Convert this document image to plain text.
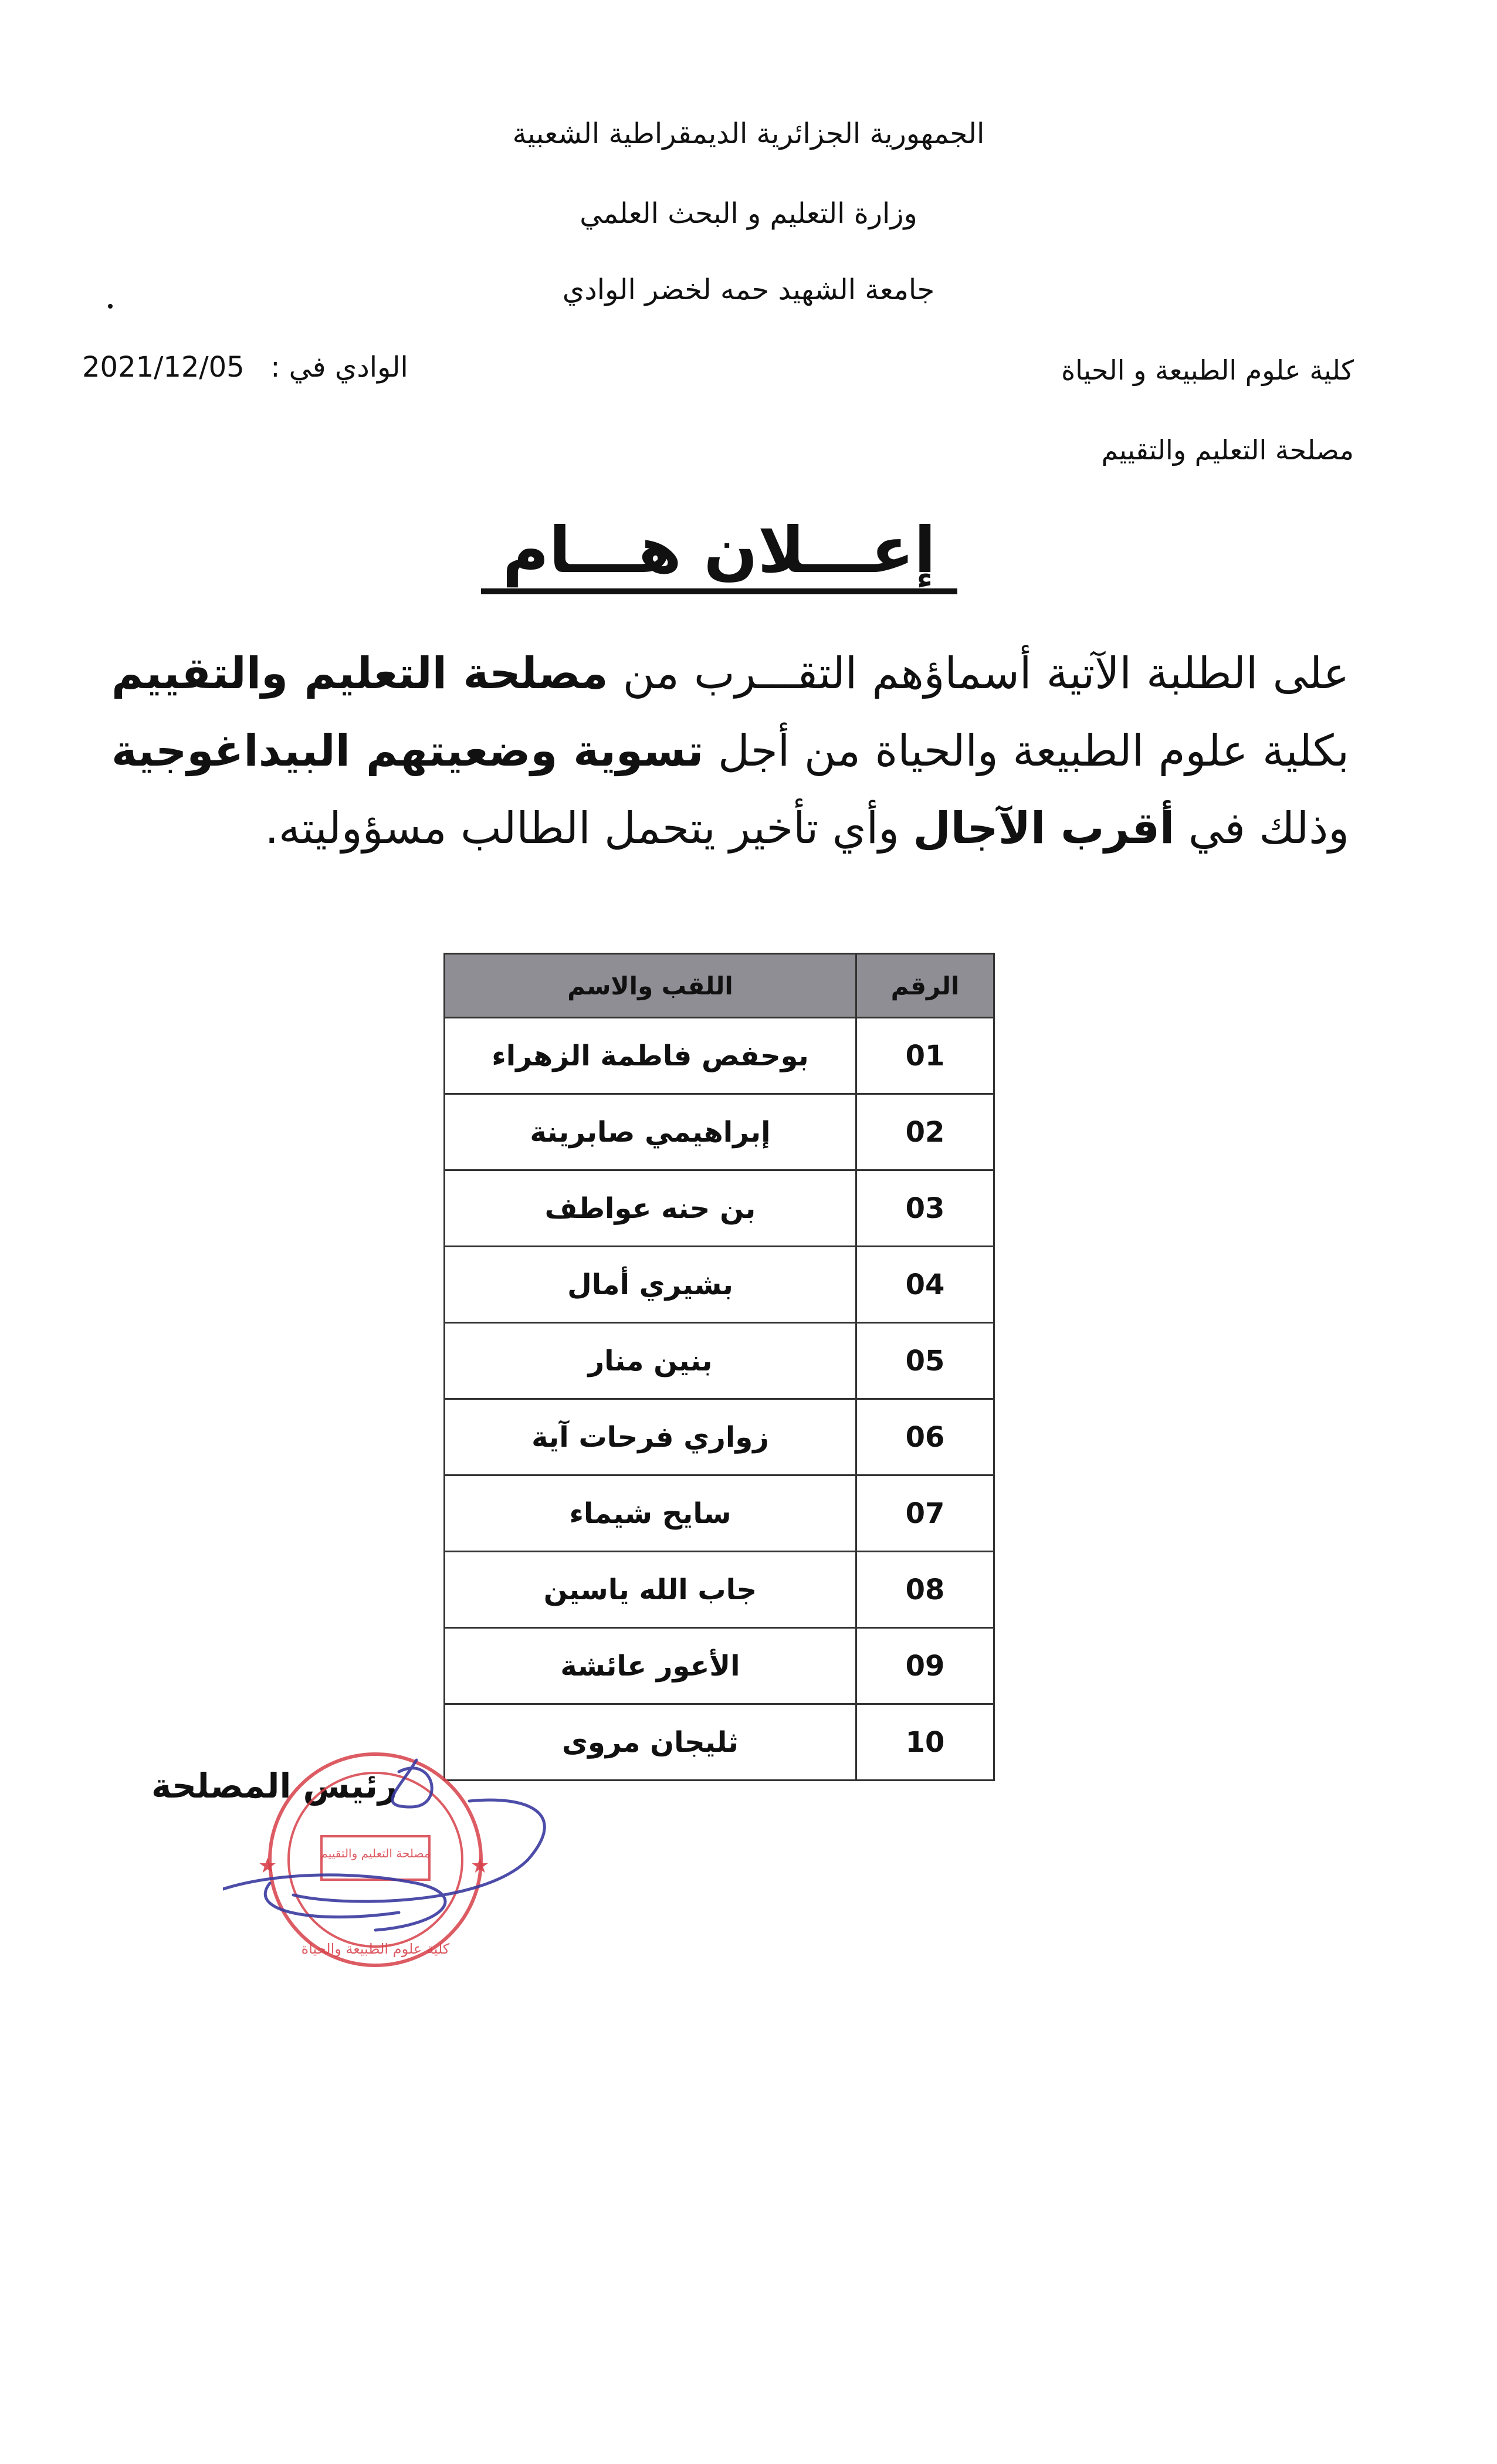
الجمهورية الجزائرية الديمقراطية الشعبية
وزارة التعليم و البحث العلمي
جامعة الشهيد حمه لخضر الوادي
كلية علوم الطبيعة و الحياة
2021/12/05 الوادي في :
مصلحة التعليم والتقييم
إعـــلان هـــام
على الطلبة الآتية أسماؤهم التقـــرب من مصلحة التعليم والتقييم بكلية علوم الطبيعة والحياة من أجل تسوية وضعيتهم البيداغوجية وذلك في أقرب الآجال وأي تأخير يتحمل الطالب مسؤوليته.
الرقم	اللقب والاسم
01	بوحفص فاطمة الزهراء
02	إبراهيمي صابرينة
03	بن حنه عواطف
04	بشيري أمال
05	بنين منار
06	زواري فرحات آية
07	سايح شيماء
08	جاب الله ياسين
09	الأعور عائشة
10	ثليجان مروى
رئيس المصلحة
★	★
مصلحة التعليم والتقييم
كلية علوم الطبيعة والحياة
